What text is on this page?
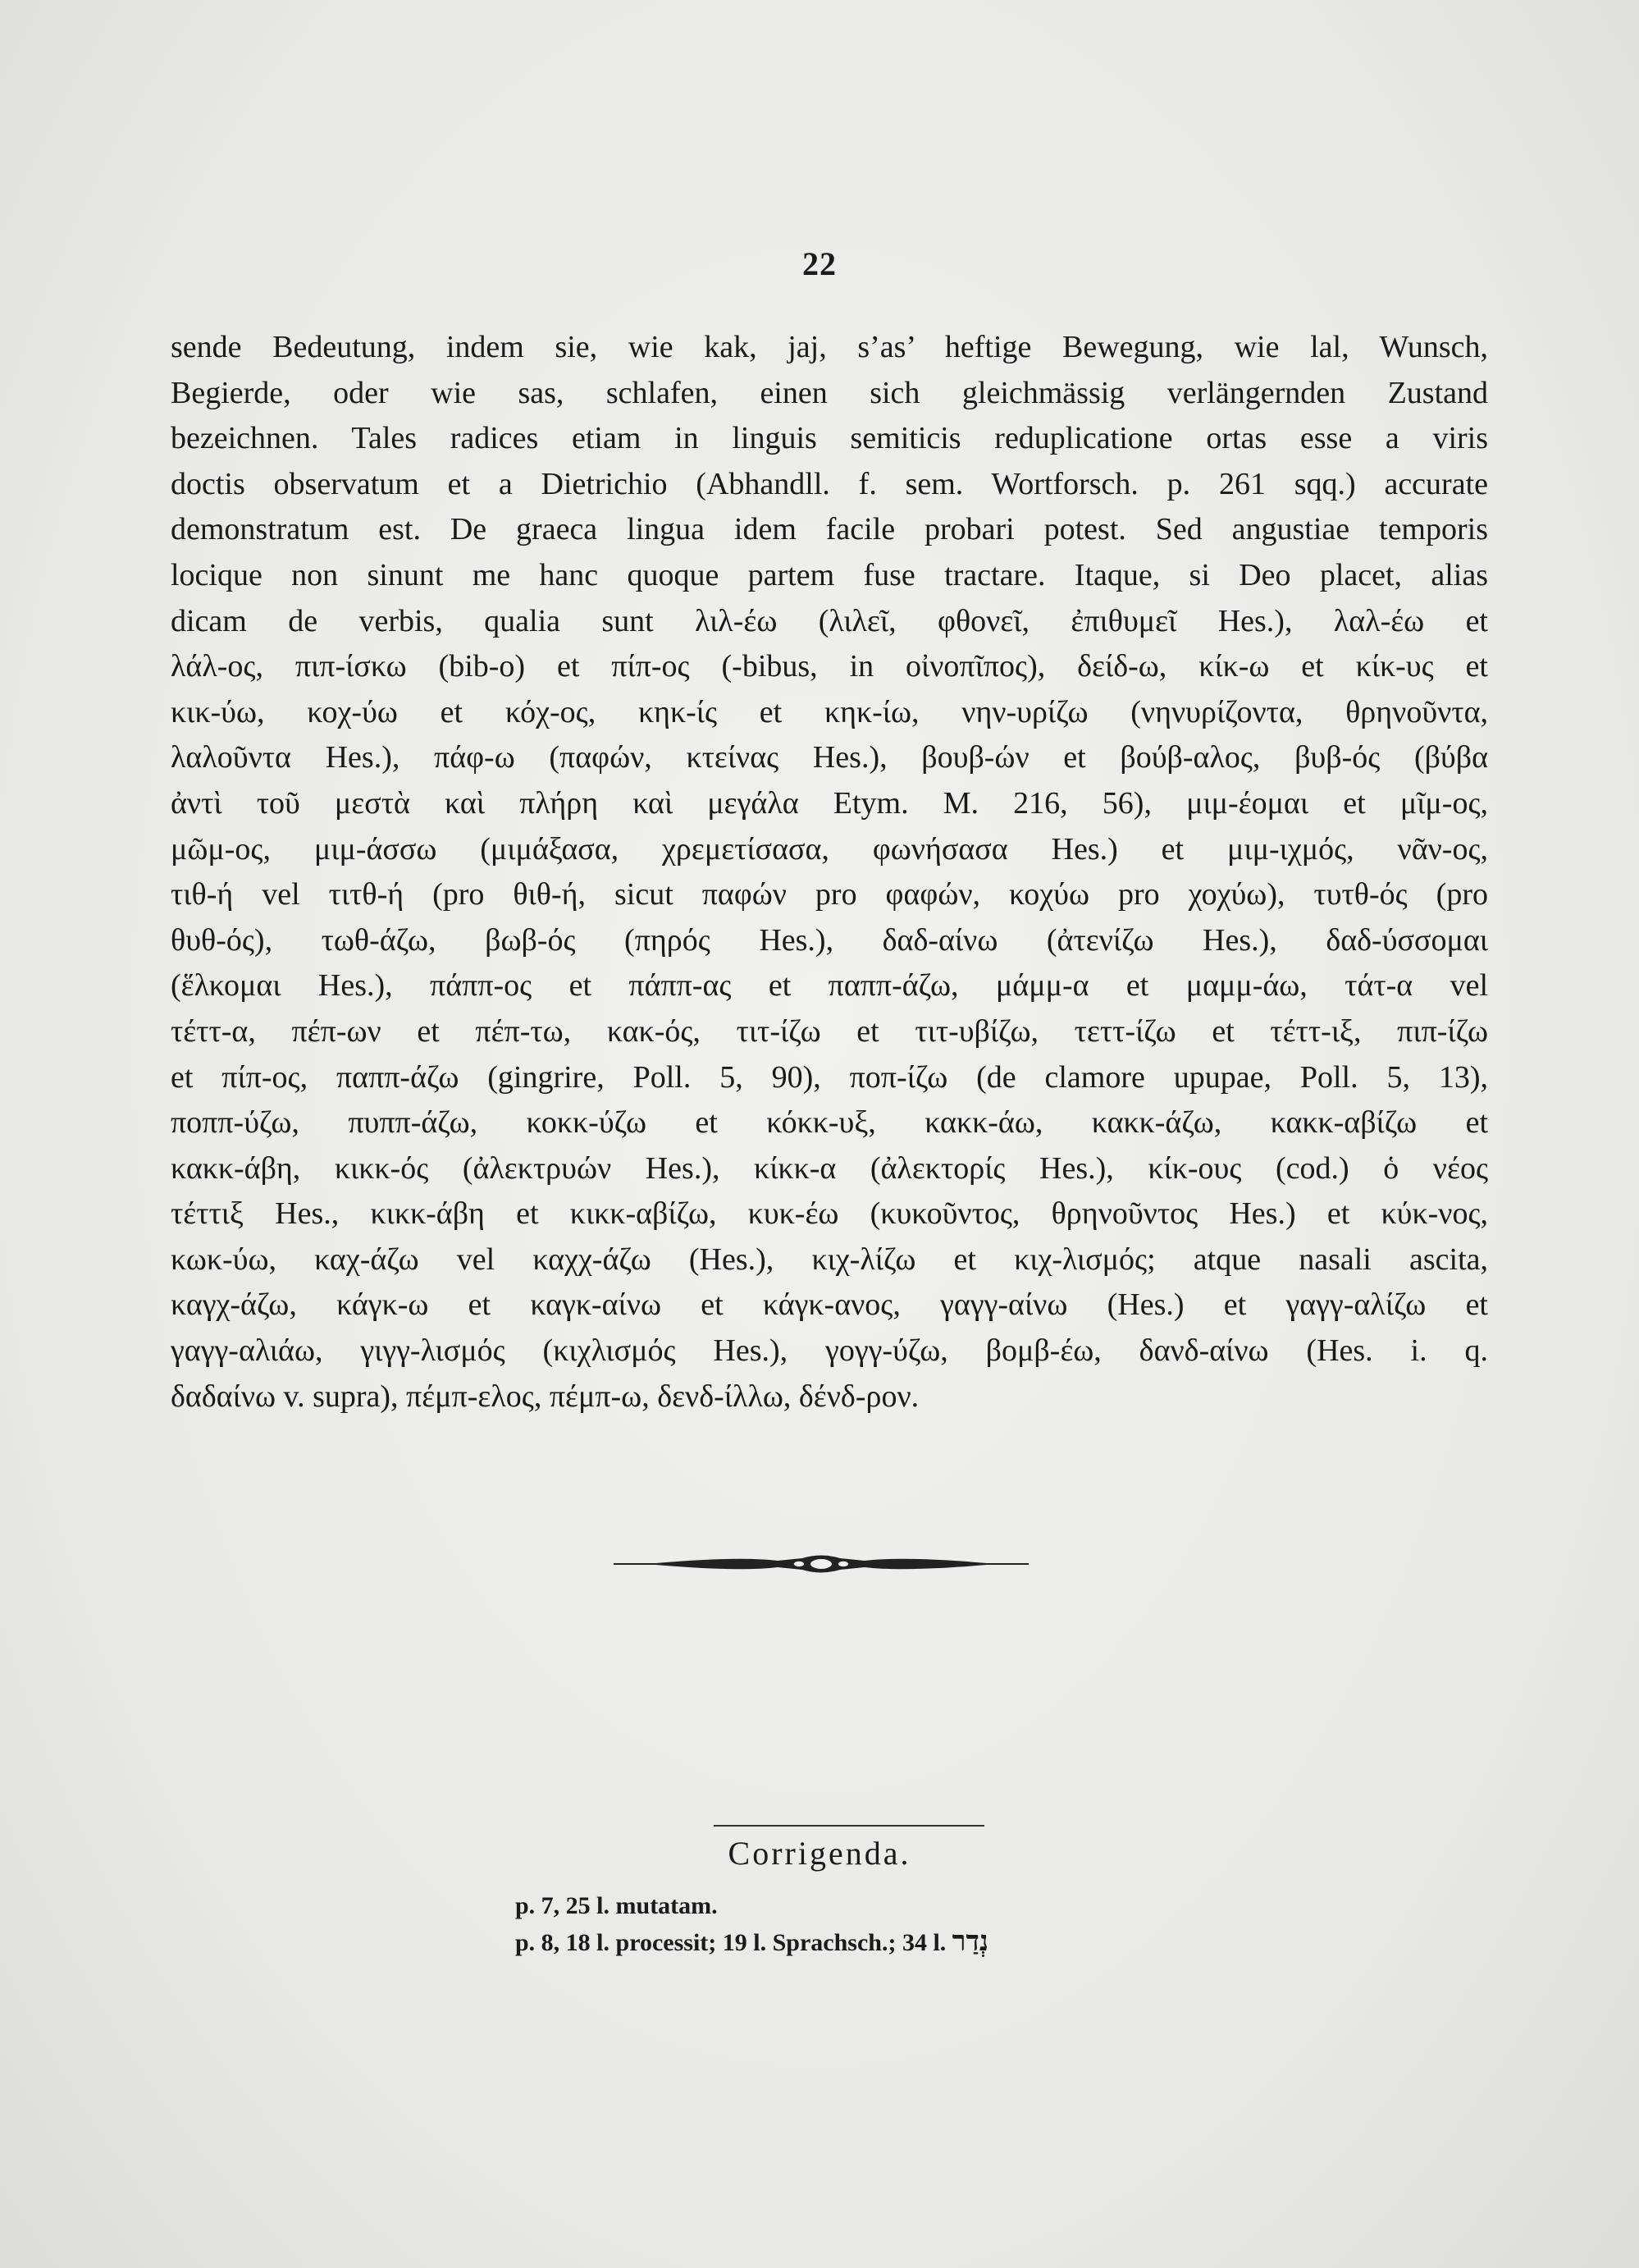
22
sende Bedeutung, indem sie, wie kak, jaj, s’as’ heftige Bewegung, wie lal, Wunsch,
Begierde, oder wie sas, schlafen, einen sich gleichmässig verlängernden Zustand
bezeichnen. Tales radices etiam in linguis semiticis reduplicatione ortas esse a viris
doctis observatum et a Dietrichio (Abhandll. f. sem. Wortforsch. p. 261 sqq.) accurate
demonstratum est. De graeca lingua idem facile probari potest. Sed angustiae temporis
locique non sinunt me hanc quoque partem fuse tractare. Itaque, si Deo placet, alias
dicam de verbis, qualia sunt λιλ-έω (λιλεῖ, φθονεῖ, ἐπιθυμεῖ Hes.), λαλ-έω et
λάλ-ος, πιπ-ίσκω (bib-o) et πίπ-ος (-bibus, in οἰνοπῖπος), δείδ-ω, κίκ-ω et κίκ-υς et
κικ-ύω, κοχ-ύω et κόχ-ος, κηκ-ίς et κηκ-ίω, νην-υρίζω (νηνυρίζοντα, θρηνοῦντα,
λαλοῦντα Hes.), πάφ-ω (παφών, κτείνας Hes.), βουβ-ών et βούβ-αλος, βυβ-ός (βύβα
ἀντὶ τοῦ μεστὰ καὶ πλήρη καὶ μεγάλα Etym. M. 216, 56), μιμ-έομαι et μῖμ-ος,
μῶμ-ος, μιμ-άσσω (μιμάξασα, χρεμετίσασα, φωνήσασα Hes.) et μιμ-ιχμός, νᾶν-ος,
τιθ-ή vel τιτθ-ή (pro θιθ-ή, sicut παφών pro φαφών, κοχύω pro χοχύω), τυτθ-ός (pro
θυθ-ός), τωθ-άζω, βωβ-ός (πηρός Hes.), δαδ-αίνω (ἀτενίζω Hes.), δαδ-ύσσομαι
(ἕλκομαι Hes.), πάππ-ος et πάππ-ας et παππ-άζω, μάμμ-α et μαμμ-άω, τάτ-α vel
τέττ-α, πέπ-ων et πέπ-τω, κακ-ός, τιτ-ίζω et τιτ-υβίζω, τεττ-ίζω et τέττ-ιξ, πιπ-ίζω
et πίπ-ος, παππ-άζω (gingrire, Poll. 5, 90), ποπ-ίζω (de clamore upupae, Poll. 5, 13),
ποππ-ύζω, πυππ-άζω, κοκκ-ύζω et κόκκ-υξ, κακκ-άω, κακκ-άζω, κακκ-αβίζω et
κακκ-άβη, κικκ-ός (ἀλεκτρυών Hes.), κίκκ-α (ἀλεκτορίς Hes.), κίκ-ους (cod.) ὁ νέος
τέττιξ Hes., κικκ-άβη et κικκ-αβίζω, κυκ-έω (κυκοῦντος, θρηνοῦντος Hes.) et κύκ-νος,
κωκ-ύω, καχ-άζω vel καχχ-άζω (Hes.), κιχ-λίζω et κιχ-λισμός; atque nasali ascita,
καγχ-άζω, κάγκ-ω et καγκ-αίνω et κάγκ-ανος, γαγγ-αίνω (Hes.) et γαγγ-αλίζω et
γαγγ-αλιάω, γιγγ-λισμός (κιχλισμός Hes.), γογγ-ύζω, βομβ-έω, δανδ-αίνω (Hes. i. q.
δαδαίνω v. supra), πέμπ-ελος, πέμπ-ω, δενδ-ίλλω, δένδ-ρον.
Corrigenda.
p. 7, 25 l. mutatam.
p. 8, 18 l. processit; 19 l. Sprachsch.; 34 l. נְדַר
